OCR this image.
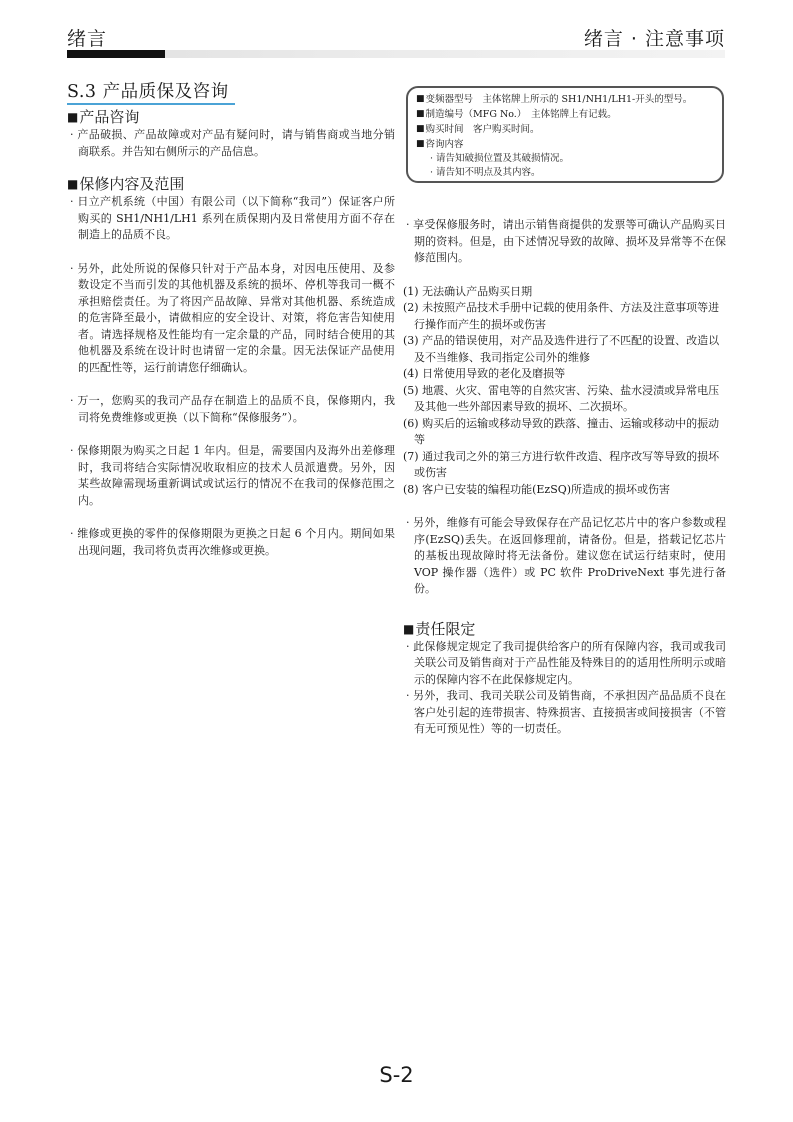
绪言	绪言 · 注意事项
S.3 产品质保及咨询

■产品咨询

· 产品破损、产品故障或对产品有疑问时，请与销售商或当地分销商联系。并告知右侧所示的产品信息。

■保修内容及范围

· 日立产机系统（中国）有限公司（以下简称“我司”）保证客户所购买的 SH1/NH1/LH1 系列在质保期内及日常使用方面不存在制造上的品质不良。

· 另外，此处所说的保修只针对于产品本身，对因电压使用、及参数设定不当而引发的其他机器及系统的损坏、停机等我司一概不承担赔偿责任。为了将因产品故障、异常对其他机器、系统造成的危害降至最小，请做相应的安全设计、对策，将危害告知使用者。请选择规格及性能均有一定余量的产品，同时结合使用的其他机器及系统在设计时也请留一定的余量。因无法保证产品使用的匹配性等，运行前请您仔细确认。

· 万一，您购买的我司产品存在制造上的品质不良，保修期内，我司将免费维修或更换（以下简称“保修服务”）。

· 保修期限为购买之日起 1 年内。但是，需要国内及海外出差修理时，我司将结合实际情况收取相应的技术人员派遣费。另外，因某些故障需现场重新调试或试运行的情况不在我司的保修范围之内。

· 维修或更换的零件的保修期限为更换之日起 6 个月内。期间如果出现问题，我司将负责再次维修或更换。

■变频器型号　主体铭牌上所示的 SH1/NH1/LH1-开头的型号。

■制造编号（MFG No.）　主体铭牌上有记载。

■购买时间　客户购买时间。

■咨询内容

· 请告知破损位置及其破损情况。

· 请告知不明点及其内容。

· 享受保修服务时，请出示销售商提供的发票等可确认产品购买日期的资料。但是，由下述情况导致的故障、损坏及异常等不在保修范围内。

(1) 无法确认产品购买日期

(2) 未按照产品技术手册中记载的使用条件、方法及注意事项等进行操作而产生的损坏或伤害

(3) 产品的错误使用，对产品及选件进行了不匹配的设置、改造以及不当维修、我司指定公司外的维修

(4) 日常使用导致的老化及磨损等

(5) 地震、火灾、雷电等的自然灾害、污染、盐水浸渍或异常电压及其他一些外部因素导致的损坏、二次损坏。

(6) 购买后的运输或移动导致的跌落、撞击、运输或移动中的振动等

(7) 通过我司之外的第三方进行软件改造、程序改写等导致的损坏或伤害

(8) 客户已安装的编程功能(EzSQ)所造成的损坏或伤害

· 另外，维修有可能会导致保存在产品记忆芯片中的客户参数或程序(EzSQ)丢失。在返回修理前，请备份。但是，搭载记忆芯片的基板出现故障时将无法备份。建议您在试运行结束时，使用 VOP 操作器（选件）或 PC 软件 ProDriveNext 事先进行备份。

■责任限定

· 此保修规定规定了我司提供给客户的所有保障内容，我司或我司关联公司及销售商对于产品性能及特殊目的的适用性所明示或暗示的保障内容不在此保修规定内。

· 另外，我司、我司关联公司及销售商，不承担因产品品质不良在客户处引起的连带损害、特殊损害、直接损害或间接损害（不管有无可预见性）等的一切责任。

S-2
